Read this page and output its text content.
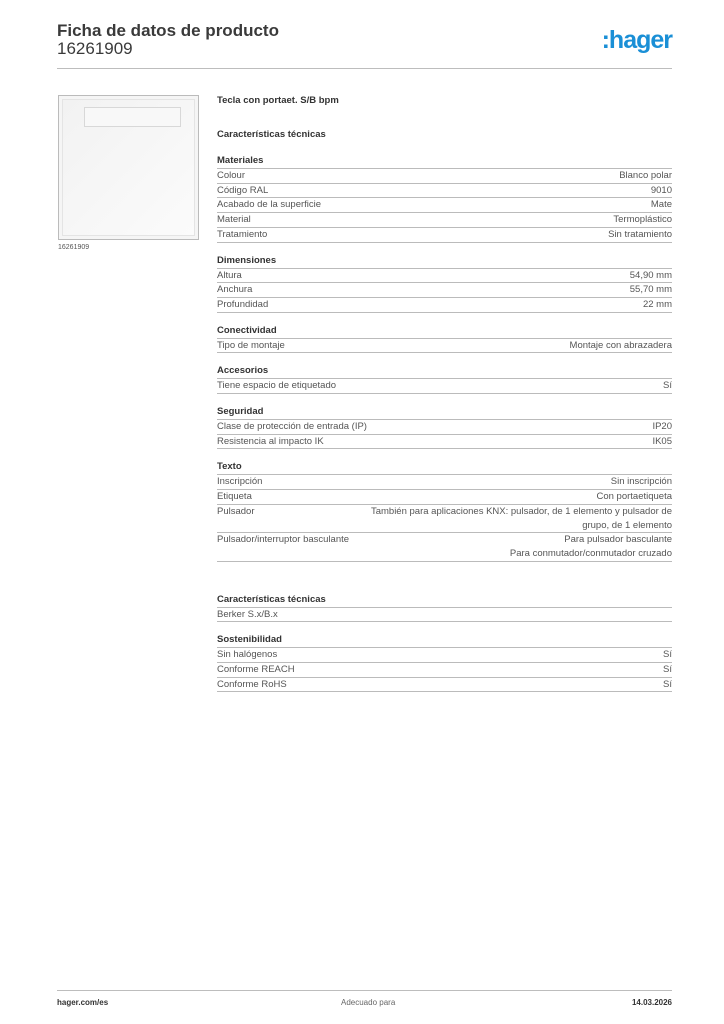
Ficha de datos de producto
16261909	:hager
16261909
Tecla con portaet. S/B bpm
Características técnicas
Materiales
Colour	Blanco polar
Código RAL	9010
Acabado de la superficie	Mate
Material	Termoplástico
Tratamiento	Sin tratamiento
Dimensiones
Altura	54,90 mm
Anchura	55,70 mm
Profundidad	22 mm
Conectividad
Tipo de montaje	Montaje con abrazadera
Accesorios
Tiene espacio de etiquetado	Sí
Seguridad
Clase de protección de entrada (IP)	IP20
Resistencia al impacto IK	IK05
Texto
Inscripción	Sin inscripción
Etiqueta	Con portaetiqueta
Pulsador	También para aplicaciones KNX: pulsador, de 1 elemento y pulsador de grupo, de 1 elemento
Pulsador/interruptor basculante	Para pulsador basculante
Para conmutador/conmutador cruzado
Características técnicas
Berker S.x/B.x
Sostenibilidad
Sin halógenos	Sí
Conforme REACH	Sí
Conforme RoHS	Sí
hager.com/es	Adecuado para	14.03.2026
